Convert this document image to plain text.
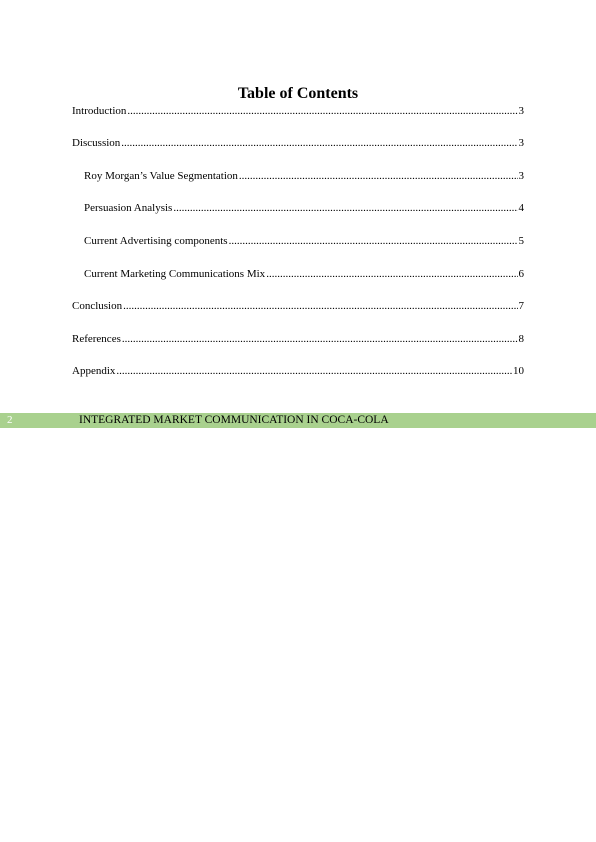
Table of Contents
Introduction .....	3
Discussion .....	3
Roy Morgan’s Value Segmentation .....	3
Persuasion Analysis .....	4
Current Advertising components .....	5
Current Marketing Communications Mix .....	6
Conclusion .....	7
References .....	8
Appendix .....	10
2	INTEGRATED MARKET COMMUNICATION IN COCA-COLA
